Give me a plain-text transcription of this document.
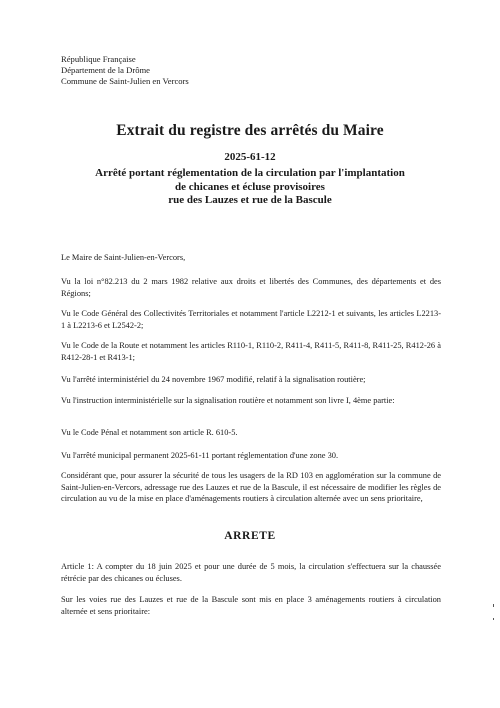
République Française
Département de la Drôme
Commune de Saint-Julien en Vercors
Extrait du registre des arrêtés du Maire
2025-61-12
Arrêté portant réglementation de la circulation par l'implantation
de chicanes et écluse provisoires
rue des Lauzes et rue de la Bascule
Le Maire de Saint-Julien-en-Vercors,
Vu la loi n°82.213 du 2 mars 1982 relative aux droits et libertés des Communes, des départements et des Régions;
Vu le Code Général des Collectivités Territoriales et notamment l'article L2212-1 et suivants, les articles L2213-1 à L2213-6 et L2542-2;
Vu le Code de la Route et notamment les articles R110-1, R110-2, R411-4, R411-5, R411-8, R411-25, R412-26 à R412-28-1 et R413-1;
Vu l'arrêté interministériel du 24 novembre 1967 modifié, relatif à la signalisation routière;
Vu l'instruction interministérielle sur la signalisation routière et notamment son livre I, 4ème partie:
Vu le Code Pénal et notamment son article R. 610-5.
Vu l'arrêté municipal permanent 2025-61-11 portant réglementation d'une zone 30.
Considérant que, pour assurer la sécurité de tous les usagers de la RD 103 en agglomération sur la commune de Saint-Julien-en-Vercors, adressage rue des Lauzes et rue de la Bascule, il est nécessaire de modifier les règles de circulation au vu de la mise en place d'aménagements routiers à circulation alternée avec un sens prioritaire,
ARRETE
Article 1: A compter du 18 juin 2025 et pour une durée de 5 mois, la circulation s'effectuera sur la chaussée rétrécie par des chicanes ou écluses.
Sur les voies rue des Lauzes et rue de la Bascule sont mis en place 3 aménagements routiers à circulation alternée et sens prioritaire:
